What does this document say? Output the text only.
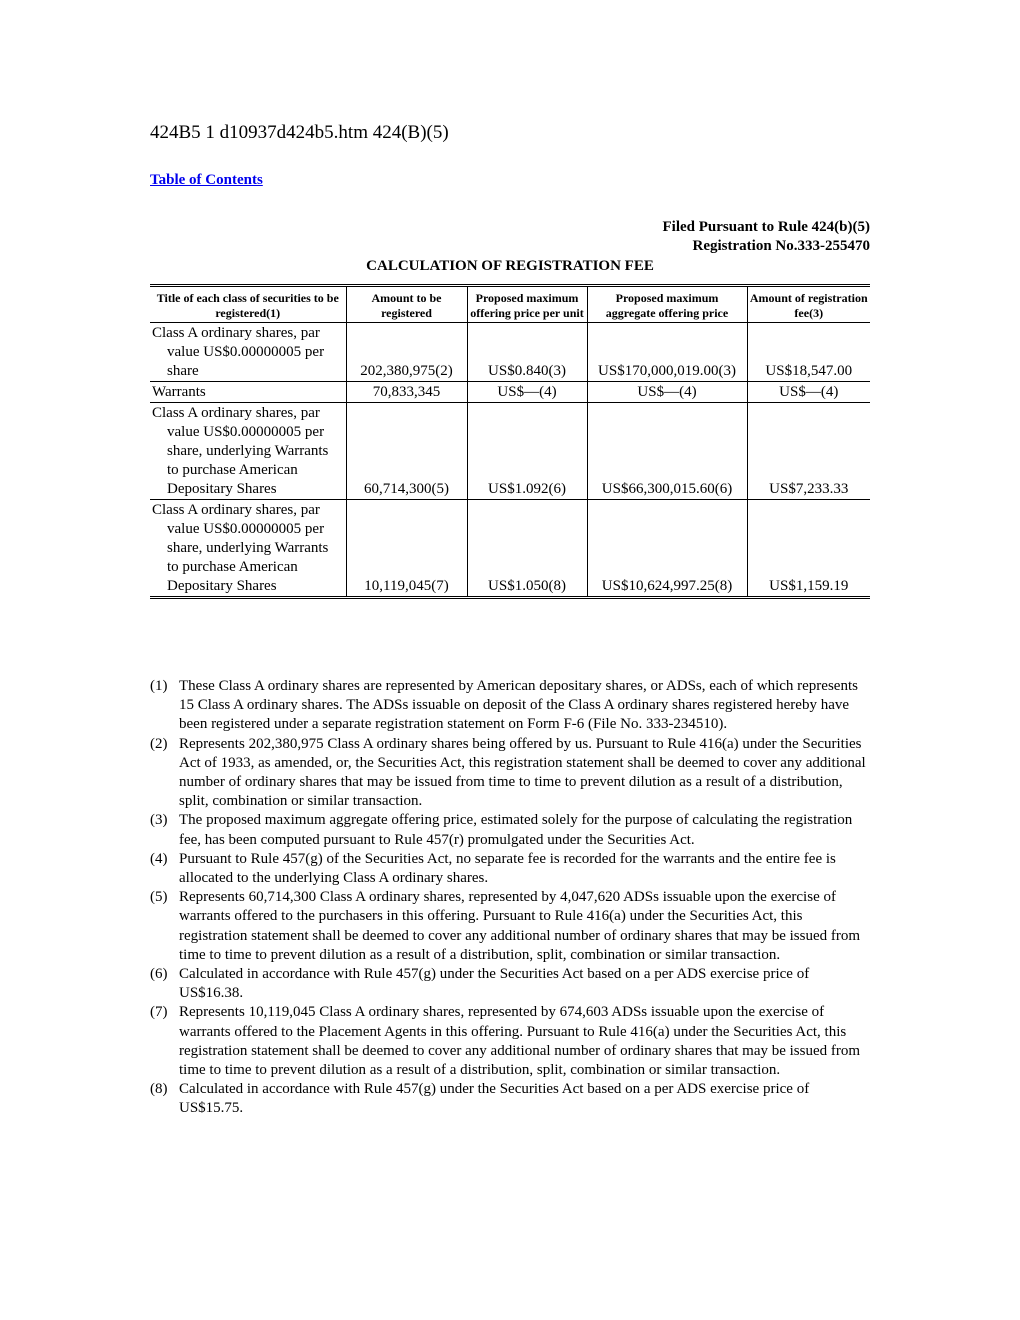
424B5 1 d10937d424b5.htm 424(B)(5)
Table of Contents
Filed Pursuant to Rule 424(b)(5)
Registration No.333-255470
CALCULATION OF REGISTRATION FEE
Title of each class of securities to be registered(1)	Amount to be registered	Proposed maximum offering price per unit	Proposed maximum aggregate offering price	Amount of registration fee(3)
Class A ordinary shares, par
value US$0.00000005 per share	202,380,975(2)	US$0.840(3)	US$170,000,019.00(3)	US$18,547.00
Warrants	70,833,345	US$—(4)	US$—(4)	US$—(4)
Class A ordinary shares, par
value US$0.00000005 per share, underlying Warrants to purchase American Depositary Shares	60,714,300(5)	US$1.092(6)	US$66,300,015.60(6)	US$7,233.33
Class A ordinary shares, par
value US$0.00000005 per share, underlying Warrants to purchase American Depositary Shares	10,119,045(7)	US$1.050(8)	US$10,624,997.25(8)	US$1,159.19
(1) These Class A ordinary shares are represented by American depositary shares, or ADSs, each of which represents 15 Class A ordinary shares. The ADSs issuable on deposit of the Class A ordinary shares registered hereby have been registered under a separate registration statement on Form F-6 (File No. 333-234510).
(2) Represents 202,380,975 Class A ordinary shares being offered by us. Pursuant to Rule 416(a) under the Securities Act of 1933, as amended, or, the Securities Act, this registration statement shall be deemed to cover any additional number of ordinary shares that may be issued from time to time to prevent dilution as a result of a distribution, split, combination or similar transaction.
(3) The proposed maximum aggregate offering price, estimated solely for the purpose of calculating the registration fee, has been computed pursuant to Rule 457(r) promulgated under the Securities Act.
(4) Pursuant to Rule 457(g) of the Securities Act, no separate fee is recorded for the warrants and the entire fee is allocated to the underlying Class A ordinary shares.
(5) Represents 60,714,300 Class A ordinary shares, represented by 4,047,620 ADSs issuable upon the exercise of warrants offered to the purchasers in this offering. Pursuant to Rule 416(a) under the Securities Act, this registration statement shall be deemed to cover any additional number of ordinary shares that may be issued from time to time to prevent dilution as a result of a distribution, split, combination or similar transaction.
(6) Calculated in accordance with Rule 457(g) under the Securities Act based on a per ADS exercise price of US$16.38.
(7) Represents 10,119,045 Class A ordinary shares, represented by 674,603 ADSs issuable upon the exercise of warrants offered to the Placement Agents in this offering. Pursuant to Rule 416(a) under the Securities Act, this registration statement shall be deemed to cover any additional number of ordinary shares that may be issued from time to time to prevent dilution as a result of a distribution, split, combination or similar transaction.
(8) Calculated in accordance with Rule 457(g) under the Securities Act based on a per ADS exercise price of US$15.75.
